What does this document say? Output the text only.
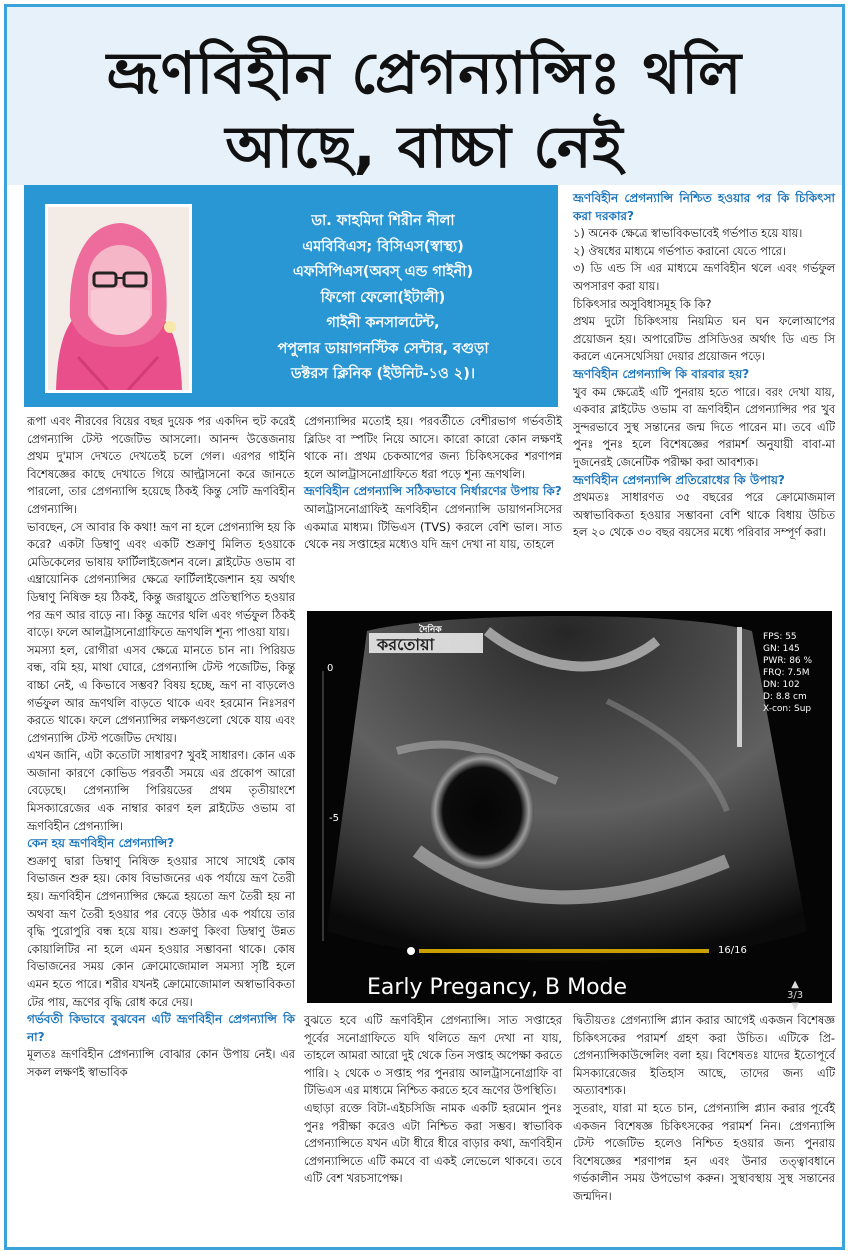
ভ্রূণবিহীন প্রেগন্যান্সিঃ থলি
আছে, বাচ্চা নেই
ডা. ফাহমিদা শিরীন নীলা
এমবিবিএস; বিসিএস(স্বাস্থ্য)
এফসিপিএস(অবস্ এন্ড গাইনী)
ফিগো ফেলো(ইটালী)
গাইনী কনসালটেন্ট,
পপুলার ডায়াগনস্টিক সেন্টার, বগুড়া
ডক্টরস ক্লিনিক (ইউনিট-১ও ২)।

ভ্রূণবিহীন প্রেগন্যান্সি নিশ্চিত হওয়ার পর কি চিকিৎসা করা দরকার?

১) অনেক ক্ষেত্রে স্বাভাবিকভাবেই গর্ভপাত হয়ে যায়।

২) ঔষধের মাধ্যমে গর্ভপাত করানো যেতে পারে।

৩) ডি এন্ড সি এর মাধ্যমে ভ্রূণবিহীন থলে এবং গর্ভফুল অপসারণ করা যায়।

চিকিৎসার অসুবিধাসমূহ কি কি?

প্রথম দুটো চিকিৎসায় নিয়মিত ঘন ঘন ফলোআপের প্রয়োজন হয়। অপারেটিভ প্রসিডিওর অর্থাৎ ডি এন্ড সি করলে এনেসথেসিয়া দেয়ার প্রয়োজন পড়ে।

ভ্রূণবিহীন প্রেগন্যান্সি কি বারবার হয়?

খুব কম ক্ষেত্রেই এটি পুনরায় হতে পারে। বরং দেখা যায়, একবার ব্লাইটেড ওভাম বা ভ্রূণবিহীন প্রেগন্যান্সির পর খুব সুন্দরভাবে সুস্থ সন্তানের জন্ম দিতে পারেন মা। তবে এটি পুনঃ পুনঃ হলে বিশেষজ্ঞের পরামর্শ অনুযায়ী বাবা-মা দুজনেরই জেনেটিক পরীক্ষা করা আবশ্যক।

ভ্রূণবিহীন প্রেগন্যান্সি প্রতিরোধের কি উপায়?

প্রথমতঃ সাধারণত ৩৫ বছরের পরে ক্রোমোজমাল অস্বাভাবিকতা হওয়ার সম্ভাবনা বেশি থাকে বিধায় উচিত হল ২০ থেকে ৩০ বছর বয়সের মধ্যে পরিবার সম্পূর্ণ করা।

রূপা এবং নীরবের বিয়ের বছর দুয়েক পর একদিন হুট করেই প্রেগন্যান্সি টেস্ট পজেটিভ আসলো। আনন্দ উত্তেজনায় প্রথম দু'মাস দেখতে দেখতেই চলে গেল। এরপর গাইনি বিশেষজ্ঞের কাছে দেখাতে গিয়ে আল্ট্রাসনো করে জানতে পারলো, তার প্রেগন্যান্সি হয়েছে ঠিকই কিন্তু সেটি ভ্রূণবিহীন প্রেগন্যান্সি।

ভাবছেন, সে আবার কি কথা! ভ্রূণ না হলে প্রেগন্যান্সি হয় কি করে? একটা ডিম্বাণু এবং একটি শুক্রাণু মিলিত হওয়াকে মেডিকেলের ভাষায় ফার্টিলাইজেশন বলে। ব্লাইটেড ওভাম বা এম্ব্রায়োনিক প্রেগন্যান্সির ক্ষেত্রে ফার্টিলাইজেশান হয় অর্থাৎ ডিম্বাণু নিষিক্ত হয় ঠিকই, কিন্তু জরায়ুতে প্রতিস্থাপিত হওয়ার পর ভ্রূণ আর বাড়ে না। কিন্তু ভ্রূণের থলি এবং গর্ভফুল ঠিকই বাড়ে। ফলে আলট্রাসনোগ্রাফিতে ভ্রূণথলি শূন্য পাওয়া যায়।

সমস্যা হল, রোগীরা এসব ক্ষেত্রে মানতে চান না। পিরিয়ড বন্ধ, বমি হয়, মাথা ঘোরে, প্রেগন্যান্সি টেস্ট পজেটিভ, কিন্তু বাচ্চা নেই, এ কিভাবে সম্ভব? বিষয় হচ্ছে, ভ্রূণ না বাড়লেও গর্ভফুল আর ভ্রূণথলি বাড়তে থাকে এবং হরমোন নিঃসরণ করতে থাকে। ফলে প্রেগন্যান্সির লক্ষণগুলো থেকে যায় এবং প্রেগন্যান্সি টেস্ট পজেটিভ দেখায়।

এখন জানি, এটা কতোটা সাধারণ? খুবই সাধারণ। কোন এক অজানা কারণে কোভিড পরবর্তী সময়ে এর প্রকোপ আরো বেড়েছে। প্রেগন্যান্সি পিরিয়ডের প্রথম তৃতীয়াংশে মিসক্যারেজের এক নাম্বার কারণ হল ব্লাইটেড ওভাম বা ভ্রূণবিহীন প্রেগন্যান্সি।

কেন হয় ভ্রূণবিহীন প্রেগন্যান্সি?

শুক্রাণু দ্বারা ডিম্বাণু নিষিক্ত হওয়ার সাথে সাথেই কোষ বিভাজন শুরু হয়। কোষ বিভাজনের এক পর্যায়ে ভ্রূণ তৈরী হয়। ভ্রূণবিহীন প্রেগন্যান্সির ক্ষেত্রে হয়তো ভ্রূণ তৈরী হয় না অথবা ভ্রূণ তৈরী হওয়ার পর বেড়ে উঠার এক পর্যায়ে তার বৃদ্ধি পুরোপুরি বন্ধ হয়ে যায়। শুক্রাণু কিংবা ডিম্বাণু উন্নত কোয়ালিটির না হলে এমন হওয়ার সম্ভাবনা থাকে। কোষ বিভাজনের সময় কোন ক্রোমোজোমাল সমস্যা সৃষ্টি হলে এমন হতে পারে। শরীর যখনই ক্রোমোজোমাল অস্বাভাবিকতা টের পায়, ভ্রূণের বৃদ্ধি রোধ করে দেয়।

গর্ভবতী কিভাবে বুঝবেন এটি ভ্রূণবিহীন প্রেগন্যান্সি কি না?

মূলতঃ ভ্রূণবিহীন প্রেগন্যান্সি বোঝার কোন উপায় নেই। এর সকল লক্ষণই স্বাভাবিক

প্রেগন্যান্সির মতোই হয়। পরবর্তীতে বেশীরভাগ গর্ভবতীই ব্লিডিং বা স্পটিং নিয়ে আসে। কারো কারো কোন লক্ষণই থাকে না। প্রথম চেকআপের জন্য চিকিৎসকের শরণাপন্ন হলে আলট্রাসনোগ্রাফিতে ধরা পড়ে শূন্য ভ্রূণথলি।

ভ্রূণবিহীন প্রেগন্যান্সি সঠিকভাবে নির্ধারণের উপায় কি?

আলট্রাসনোগ্রাফিই ভ্রূণবিহীন প্রেগন্যান্সি ডায়াগনসিসের একমাত্র মাধ্যম। টিভিএস (TVS) করলে বেশি ভাল। সাত থেকে নয় সপ্তাহের মধ্যেও যদি ভ্রূণ দেখা না যায়, তাহলে

0
-5
FPS: 55
GN: 145
PWR: 86 %
FRQ: 7.5M
DN: 102
D: 8.8 cm
X-con: Sup
দৈনিক
করতোয়া
Early Pregancy, B Mode
16/16
▲
3/3
▼

বুঝতে হবে এটি ভ্রূণবিহীন প্রেগন্যান্সি। সাত সপ্তাহের পূর্বের সনোগ্রাফিতে যদি থলিতে ভ্রূণ দেখা না যায়, তাহলে আমরা আরো দুই থেকে তিন সপ্তাহ অপেক্ষা করতে পারি। ২ থেকে ৩ সপ্তাহ পর পুনরায় আলট্রাসনোগ্রাফি বা টিভিএস এর মাধ্যমে নিশ্চিত করতে হবে ভ্রূণের উপস্থিতি।

এছাড়া রক্তে বিটা-এইচসিজি নামক একটি হরমোন পুনঃ পুনঃ পরীক্ষা করেও এটা নিশ্চিত করা সম্ভব। স্বাভাবিক প্রেগন্যান্সিতে যখন এটা ধীরে ধীরে বাড়ার কথা, ভ্রূণবিহীন প্রেগন্যান্সিতে এটি কমবে বা একই লেভেলে থাকবে। তবে এটি বেশ খরচসাপেক্ষ।

দ্বিতীয়তঃ প্রেগন্যান্সি প্ল্যান করার আগেই একজন বিশেষজ্ঞ চিকিৎসকের পরামর্শ গ্রহণ করা উচিত। এটিকে প্রি-প্রেগন্যান্সিকাউন্সেলিং বলা হয়। বিশেষতঃ যাদের ইতোপূর্বে মিসক্যারেজের ইতিহাস আছে, তাদের জন্য এটি অত্যাবশ্যক।

সুতরাং, যারা মা হতে চান, প্রেগন্যান্সি প্ল্যান করার পূর্বেই একজন বিশেষজ্ঞ চিকিৎসকের পরামর্শ নিন। প্রেগন্যান্সি টেস্ট পজেটিভ হলেও নিশ্চিত হওয়ার জন্য পুনরায় বিশেষজ্ঞের শরণাপন্ন হন এবং উনার তত্ত্বাবধানে গর্ভকালীন সময় উপভোগ করুন। সুস্থাবস্থায় সুস্থ সন্তানের জন্মদিন।
